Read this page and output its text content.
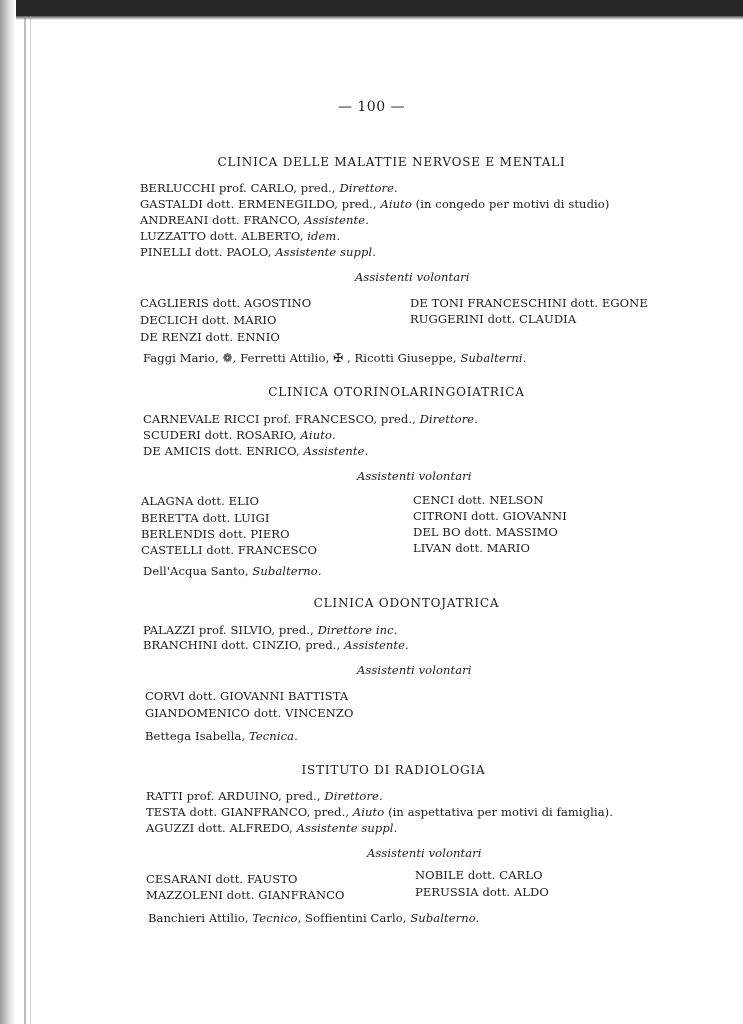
— 100 —
CLINICA DELLE MALATTIE NERVOSE E MENTALI
BERLUCCHI prof. CARLO, pred., Direttore.
GASTALDI dott. ERMENEGILDO, pred., Aiuto (in congedo per motivi di studio)
ANDREANI dott. FRANCO, Assistente.
LUZZATTO dott. ALBERTO, idem.
PINELLI dott. PAOLO, Assistente suppl.
Assistenti volontari
CAGLIERIS dott. AGOSTINO
DECLICH dott. MARIO
DE RENZI dott. ENNIO
DE TONI FRANCESCHINI dott. EGONE
RUGGERINI dott. CLAUDIA
Faggi Mario, ❁, Ferretti Attilio, ✠ , Ricotti Giuseppe, Subalterni.
CLINICA OTORINOLARINGOIATRICA
CARNEVALE RICCI prof. FRANCESCO, pred., Direttore.
SCUDERI dott. ROSARIO, Aiuto.
DE AMICIS dott. ENRICO, Assistente.
Assistenti volontari
ALAGNA dott. ELIO
BERETTA dott. LUIGI
BERLENDIS dott. PIERO
CASTELLI dott. FRANCESCO
CENCI dott. NELSON
CITRONI dott. GIOVANNI
DEL BO dott. MASSIMO
LIVAN dott. MARIO
Dell'Acqua Santo, Subalterno.
CLINICA ODONTOJATRICA
PALAZZI prof. SILVIO, pred., Direttore inc.
BRANCHINI dott. CINZIO, pred., Assistente.
Assistenti volontari
CORVI dott. GIOVANNI BATTISTA
GIANDOMENICO dott. VINCENZO
Bettega Isabella, Tecnica.
ISTITUTO DI RADIOLOGIA
RATTI prof. ARDUINO, pred., Direttore.
TESTA dott. GIANFRANCO, pred., Aiuto (in aspettativa per motivi di famiglia).
AGUZZI dott. ALFREDO, Assistente suppl.
Assistenti volontari
CESARANI dott. FAUSTO
MAZZOLENI dott. GIANFRANCO
NOBILE dott. CARLO
PERUSSIA dott. ALDO
Banchieri Attilio, Tecnico, Soffientini Carlo, Subalterno.
